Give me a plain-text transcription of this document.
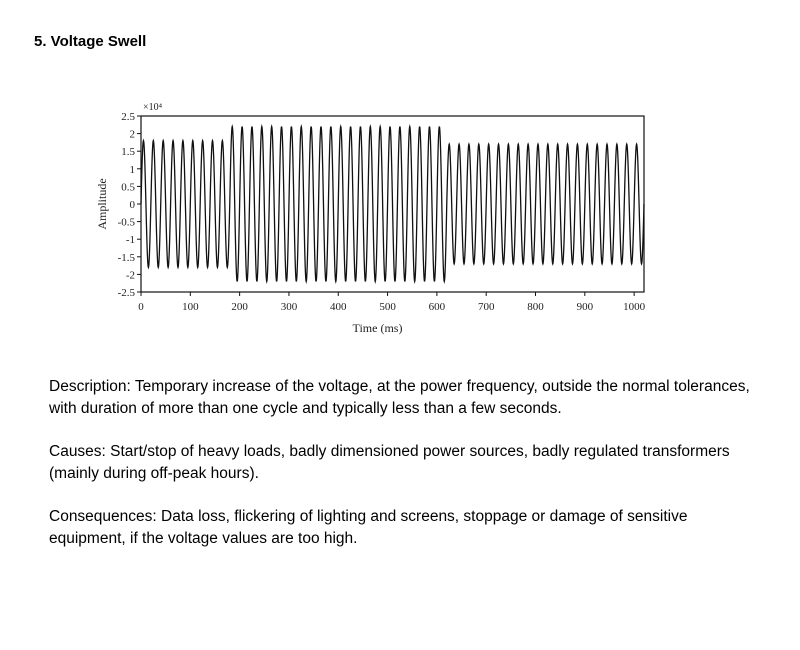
5. Voltage Swell
2.5
2
1.5
1
0.5
0
-0.5
-1
-1.5
-2
-2.5
0	100	200	300	400	500	600	700	800	900	1000
Time (ms)
Amplitude
×10⁴

Description: Temporary increase of the voltage, at the power frequency, outside the normal tolerances, with duration of more than one cycle and typically less than a few seconds.

Causes: Start/stop of heavy loads, badly dimensioned power sources, badly regulated transformers (mainly during off-peak hours).

Consequences: Data loss, flickering of lighting and screens, stoppage or damage of sensitive equipment, if the voltage values are too high.
